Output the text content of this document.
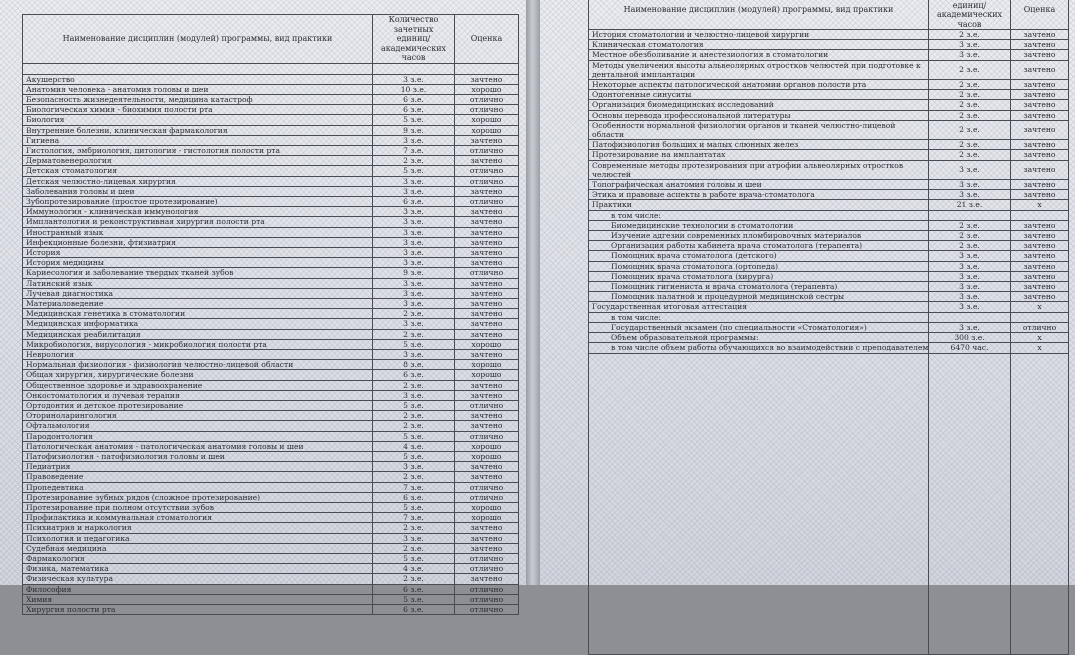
Наименование дисциплин (модулей) программы, вид практики	Количество зачетных единиц/ академических часов	Оценка

Акушерство	3 з.е.	зачтено
Анатомия человека - анатомия головы и шеи	10 з.е.	хорошо
Безопасность жизнедеятельности, медицина катастроф	6 з.е.	отлично
Биологическая химия - биохимия полости рта	6 з.е.	отлично
Биология	5 з.е.	хорошо
Внутренние болезни, клиническая фармакология	9 з.е.	хорошо
Гигиена	3 з.е.	зачтено
Гистология, эмбриология, цитология - гистология полости рта	7 з.е.	отлично
Дерматовенерология	2 з.е.	зачтено
Детская стоматология	5 з.е.	отлично
Детская челюстно-лицевая хирургия	3 з.е.	отлично
Заболевания головы и шеи	3 з.е.	зачтено
Зубопротезирование (простое протезирование)	6 з.е.	отлично
Иммунология - клиническая иммунология	3 з.е.	зачтено
Имплантология и реконструктивная хирургия полости рта	3 з.е.	зачтено
Иностранный язык	3 з.е.	зачтено
Инфекционные болезни, фтизиатрия	3 з.е.	зачтено
История	3 з.е.	зачтено
История медицины	3 з.е.	зачтено
Кариесология и заболевание твердых тканей зубов	9 з.е.	отлично
Латинский язык	3 з.е.	зачтено
Лучевая диагностика	3 з.е.	зачтено
Материаловедение	3 з.е.	зачтено
Медицинская генетика в стоматологии	2 з.е.	зачтено
Медицинская информатика	3 з.е.	зачтено
Медицинская реабилитация	2 з.е.	зачтено
Микробиология, вирусология - микробиология полости рта	5 з.е.	хорошо
Неврология	3 з.е.	зачтено
Нормальная физиология - физиология челюстно-лицевой области	8 з.е.	хорошо
Общая хирургия, хирургические болезни	6 з.е.	хорошо
Общественное здоровье и здравоохранение	2 з.е.	зачтено
Онкостоматология и лучевая терапия	3 з.е.	зачтено
Ортодонтия и детское протезирование	5 з.е.	отлично
Оториноларингология	2 з.е.	зачтено
Офтальмология	2 з.е.	зачтено
Пародонтология	5 з.е.	отлично
Патологическая анатомия - патологическая анатомия головы и шеи	4 з.е.	хорошо
Патофизиология - патофизиология головы и шеи	5 з.е.	хорошо
Педиатрия	3 з.е.	зачтено
Правоведение	2 з.е.	зачтено
Пропедевтика	7 з.е.	отлично
Протезирование зубных рядов (сложное протезирование)	6 з.е.	отлично
Протезирование при полном отсутствии зубов	5 з.е.	хорошо
Профилактика и коммунальная стоматология	7 з.е.	хорошо
Психиатрия и наркология	2 з.е.	зачтено
Психология и педагогика	3 з.е.	зачтено
Судебная медицина	2 з.е.	зачтено
Фармакология	5 з.е.	отлично
Физика, математика	4 з.е.	отлично
Физическая культура	2 з.е.	зачтено
Философия	6 з.е.	отлично
Химия	5 з.е.	отлично
Хирургия полости рта	6 з.е.	отлично
Наименование дисциплин (модулей) программы, вид практики	единиц/ академических часов	Оценка
История стоматологии и челюстно-лицевой хирургии	2 з.е.	зачтено
Клиническая стоматология	3 з.е.	зачтено
Местное обезболивание и анестезиология в стоматологии	3 з.е.	зачтено
Методы увеличения высоты альвеолярных отростков челюстей при подготовке к дентальной имплантации	2 з.е.	зачтено
Некоторые аспекты патологической анатомии органов полости рта	2 з.е.	зачтено
Одонтогенные синуситы	2 з.е.	зачтено
Организация биомедицинских исследований	2 з.е.	зачтено
Основы перевода профессиональной литературы	2 з.е.	зачтено
Особенности нормальной физиологии органов и тканей челюстно-лицевой области	2 з.е.	зачтено
Патофизиология больших и малых слюнных желез	2 з.е.	зачтено
Протезирование на имплантатах	2 з.е.	зачтено
Современные методы протезирования при атрофии альвеолярных отростков челюстей	3 з.е.	зачтено
Топографическая анатомия головы и шеи	3 з.е.	зачтено
Этика и правовые аспекты в работе врача-стоматолога	3 з.е.	зачтено
Практики	21 з.е.	х
в том числе:		
Биомедицинские технологии в стоматологии	2 з.е.	зачтено
Изучение адгезии современных пломбировочных материалов	2 з.е.	зачтено
Организация работы кабинета врача стоматолога (терапевта)	2 з.е.	зачтено
Помощник врача стоматолога (детского)	3 з.е.	зачтено
Помощник врача стоматолога (ортопеда)	3 з.е.	зачтено
Помощник врача стоматолога (хирурга)	3 з.е.	зачтено
Помощник гигиениста и врача стоматолога (терапевта)	3 з.е.	зачтено
Помощник палатной и процедурной медицинской сестры	3 з.е.	зачтено
Государственная итоговая аттестация	3 з.е.	х
в том числе:		
Государственный экзамен (по специальности «Стоматология»)	3 з.е.	отлично
Объем образовательной программы:	300 з.е.	х
в том числе объем работы обучающихся во взаимодействии с преподавателем	6470 час.	х
